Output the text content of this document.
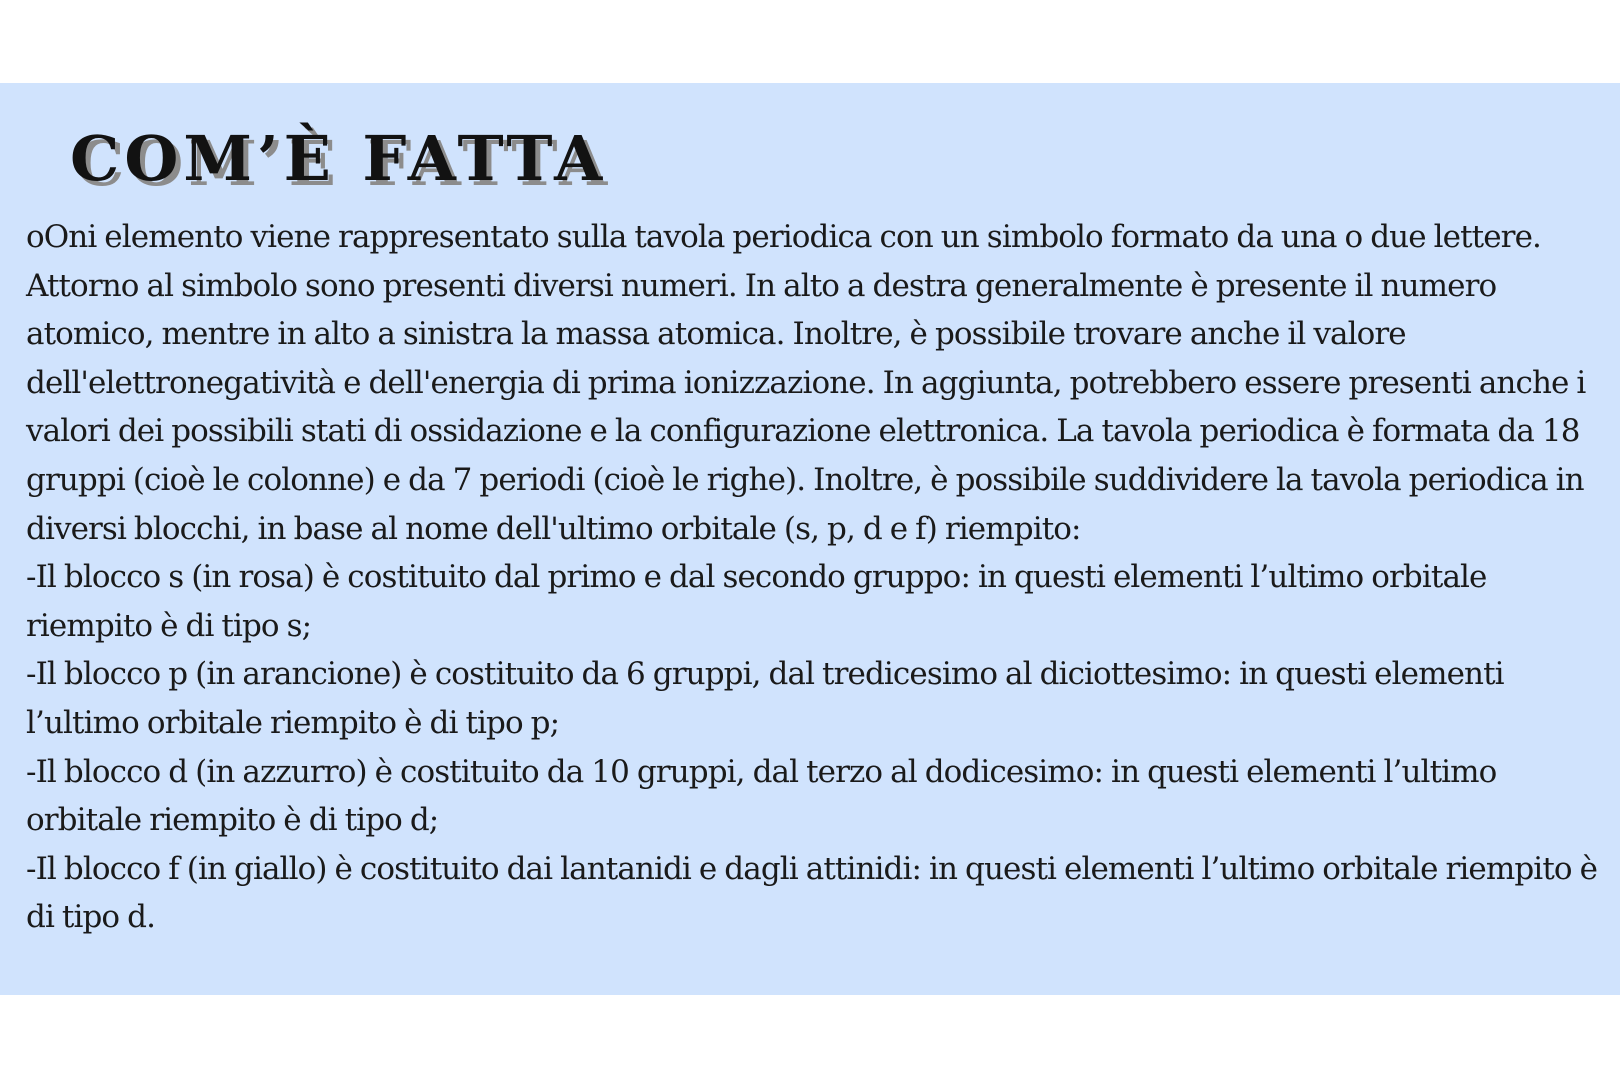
COM’È FATTA

oOni elemento viene rappresentato sulla tavola periodica con un simbolo formato da una o due lettere. Attorno al simbolo sono presenti diversi numeri. In alto a destra generalmente è presente il numero atomico, mentre in alto a sinistra la massa atomica. Inoltre, è possibile trovare anche il valore dell'elettronegatività e dell'energia di prima ionizzazione. In aggiunta, potrebbero essere presenti anche i valori dei possibili stati di ossidazione e la configurazione elettronica. La tavola periodica è formata da 18 gruppi (cioè le colonne) e da 7 periodi (cioè le righe). Inoltre, è possibile suddividere la tavola periodica in diversi blocchi, in base al nome dell'ultimo orbitale (s, p, d e f) riempito:

-Il blocco s (in rosa) è costituito dal primo e dal secondo gruppo: in questi elementi l’ultimo orbitale riempito è di tipo s;

-Il blocco p (in arancione) è costituito da 6 gruppi, dal tredicesimo al diciottesimo: in questi elementi l’ultimo orbitale riempito è di tipo p;

-Il blocco d (in azzurro) è costituito da 10 gruppi, dal terzo al dodicesimo: in questi elementi l’ultimo orbitale riempito è di tipo d;

-Il blocco f (in giallo) è costituito dai lantanidi e dagli attinidi: in questi elementi l’ultimo orbitale riempito è di tipo d.
